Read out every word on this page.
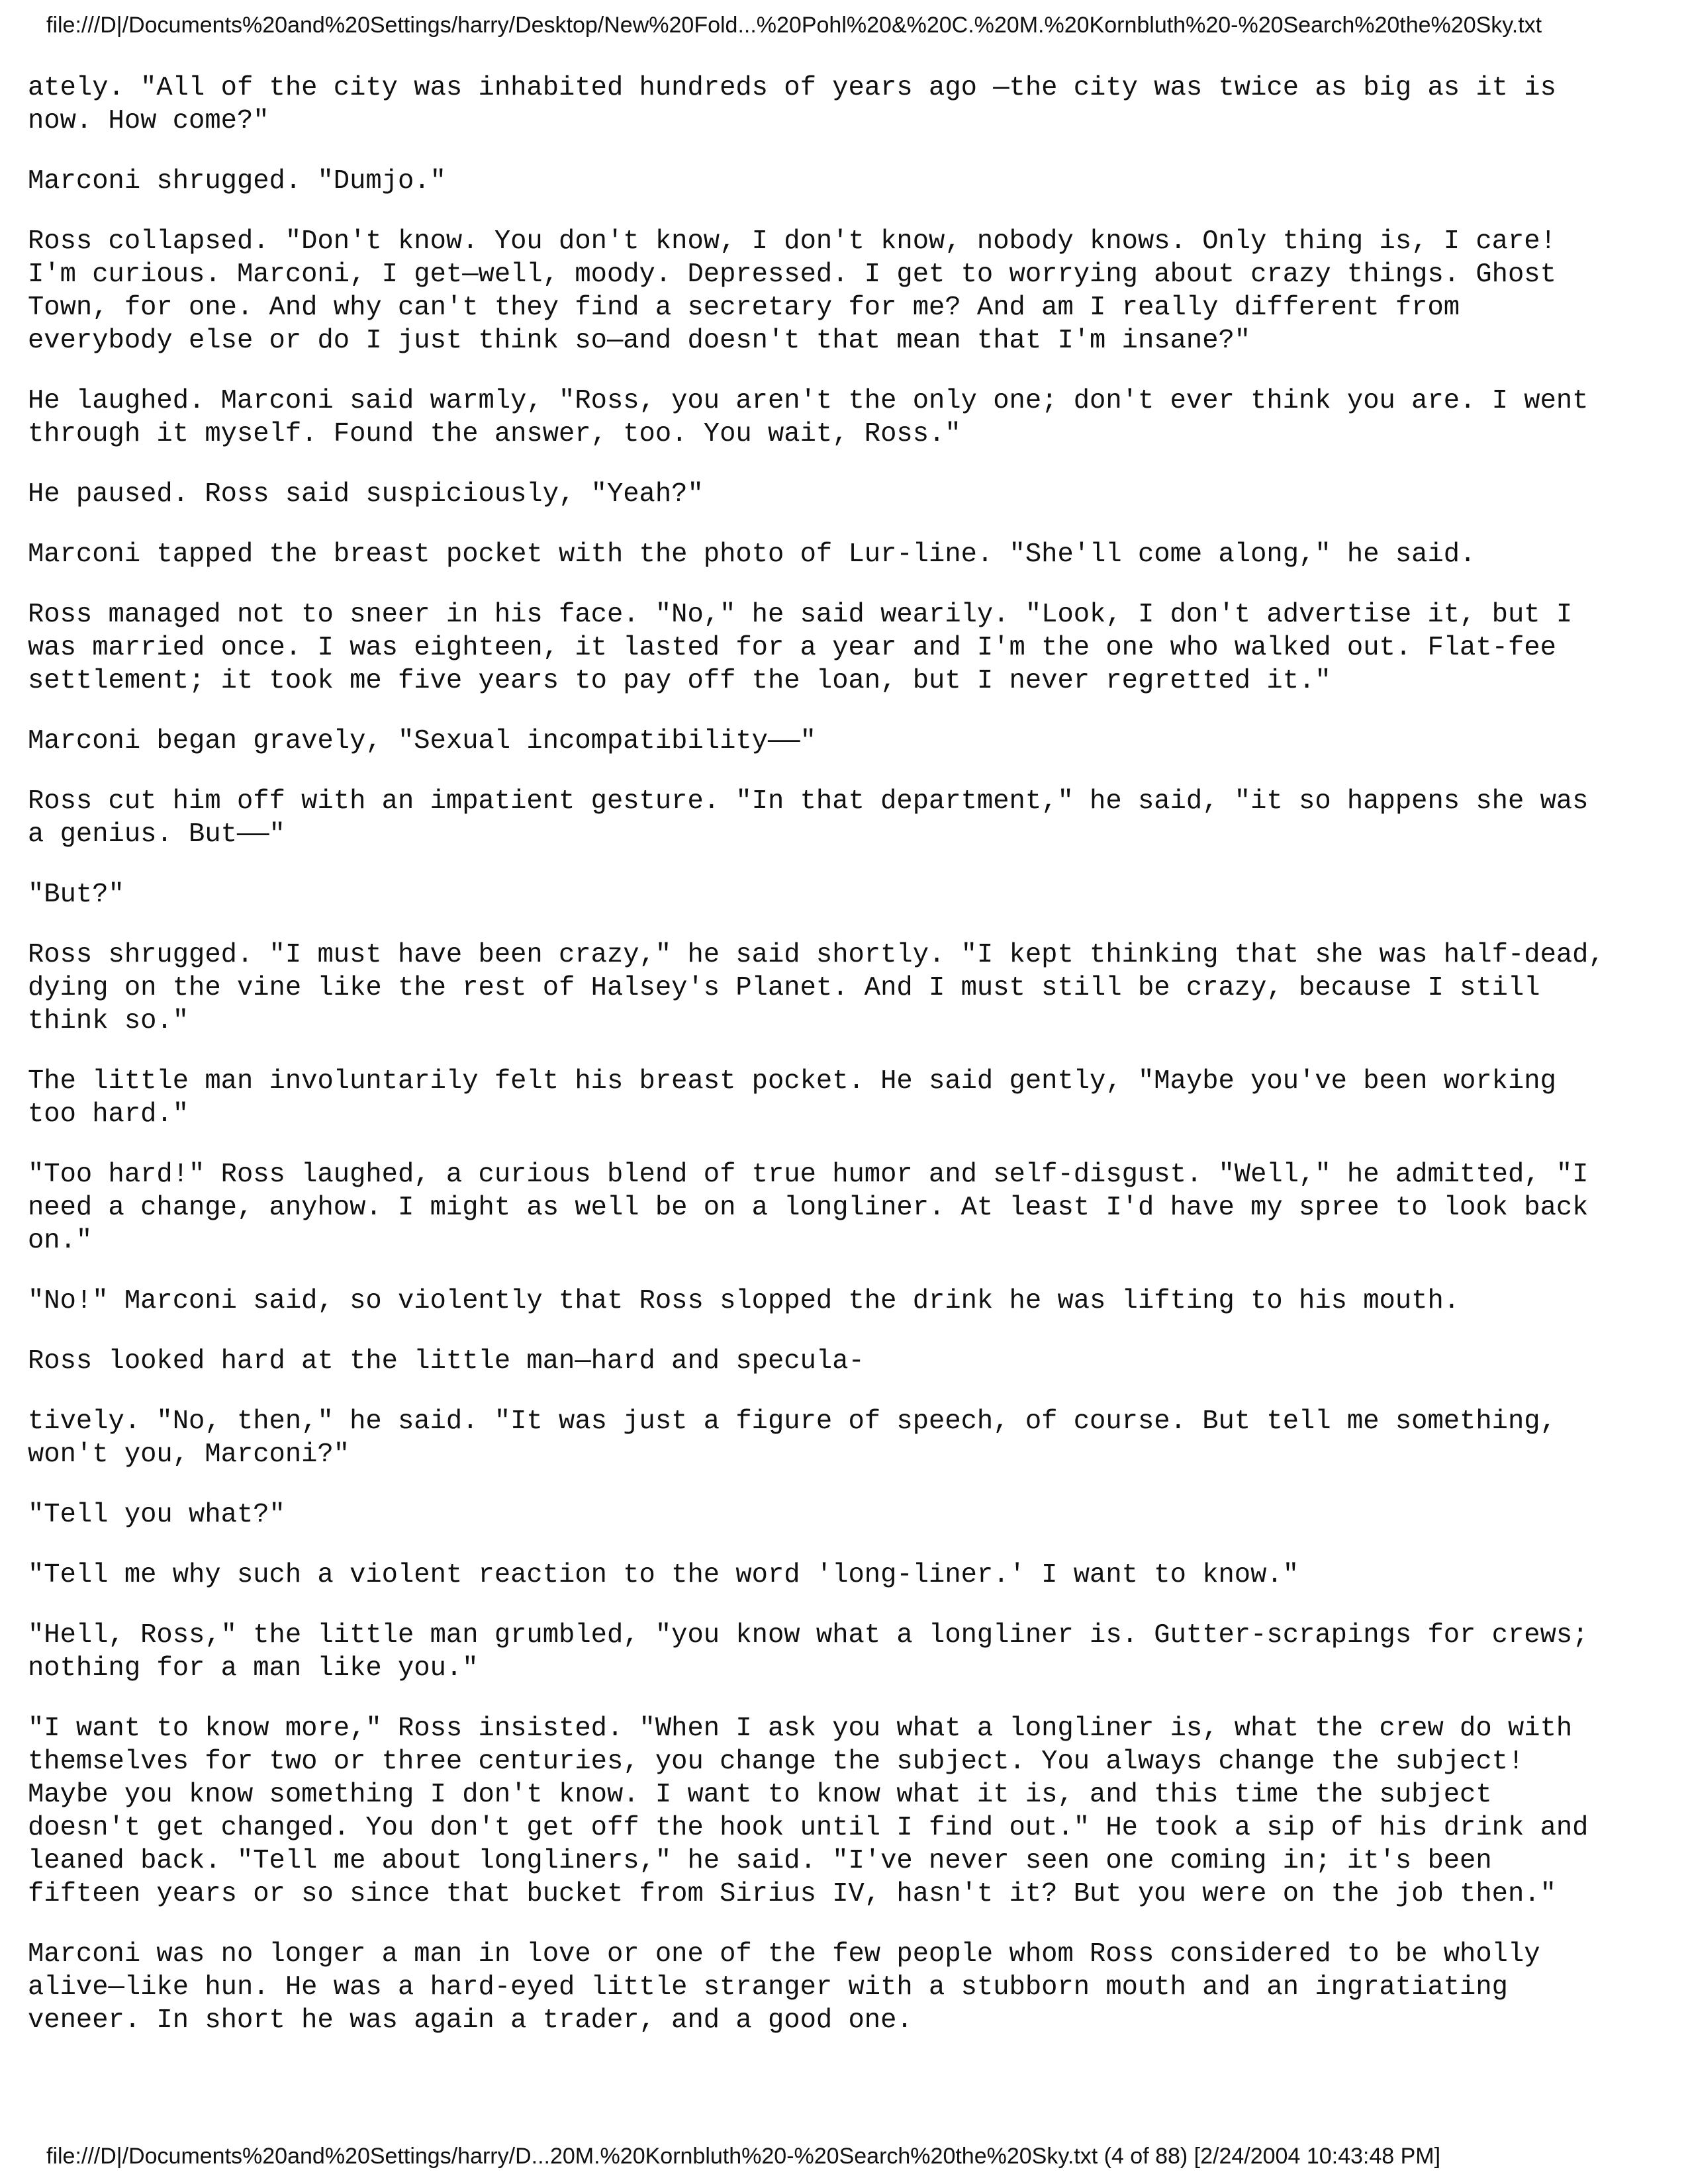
file:///D|/Documents%20and%20Settings/harry/Desktop/New%20Fold...%20Pohl%20&%20C.%20M.%20Kornbluth%20-%20Search%20the%20Sky.txt

ately. "All of the city was inhabited hundreds of years ago —the city was twice as big as it is
now. How come?"

Marconi shrugged. "Dumjo."

Ross collapsed. "Don't know. You don't know, I don't know, nobody knows. Only thing is, I care!
I'm curious. Marconi, I get—well, moody. Depressed. I get to worrying about crazy things. Ghost
Town, for one. And why can't they find a secretary for me? And am I really different from
everybody else or do I just think so—and doesn't that mean that I'm insane?"

He laughed. Marconi said warmly, "Ross, you aren't the only one; don't ever think you are. I went
through it myself. Found the answer, too. You wait, Ross."

He paused. Ross said suspiciously, "Yeah?"

Marconi tapped the breast pocket with the photo of Lur-line. "She'll come along," he said.

Ross managed not to sneer in his face. "No," he said wearily. "Look, I don't advertise it, but I
was married once. I was eighteen, it lasted for a year and I'm the one who walked out. Flat-fee
settlement; it took me five years to pay off the loan, but I never regretted it."

Marconi began gravely, "Sexual incompatibility——"

Ross cut him off with an impatient gesture. "In that department," he said, "it so happens she was
a genius. But——"

"But?"

Ross shrugged. "I must have been crazy," he said shortly. "I kept thinking that she was half-dead,
dying on the vine like the rest of Halsey's Planet. And I must still be crazy, because I still
think so."

The little man involuntarily felt his breast pocket. He said gently, "Maybe you've been working
too hard."

"Too hard!" Ross laughed, a curious blend of true humor and self-disgust. "Well," he admitted, "I
need a change, anyhow. I might as well be on a longliner. At least I'd have my spree to look back
on."

"No!" Marconi said, so violently that Ross slopped the drink he was lifting to his mouth.

Ross looked hard at the little man—hard and specula-

tively. "No, then," he said. "It was just a figure of speech, of course. But tell me something,
won't you, Marconi?"

"Tell you what?"

"Tell me why such a violent reaction to the word 'long-liner.' I want to know."

"Hell, Ross," the little man grumbled, "you know what a longliner is. Gutter-scrapings for crews;
nothing for a man like you."

"I want to know more," Ross insisted. "When I ask you what a longliner is, what the crew do with
themselves for two or three centuries, you change the subject. You always change the subject!
Maybe you know something I don't know. I want to know what it is, and this time the subject
doesn't get changed. You don't get off the hook until I find out." He took a sip of his drink and
leaned back. "Tell me about longliners," he said. "I've never seen one coming in; it's been
fifteen years or so since that bucket from Sirius IV, hasn't it? But you were on the job then."

Marconi was no longer a man in love or one of the few people whom Ross considered to be wholly
alive—like hun. He was a hard-eyed little stranger with a stubborn mouth and an ingratiating
veneer. In short he was again a trader, and a good one.

file:///D|/Documents%20and%20Settings/harry/D...20M.%20Kornbluth%20-%20Search%20the%20Sky.txt (4 of 88) [2/24/2004 10:43:48 PM]
